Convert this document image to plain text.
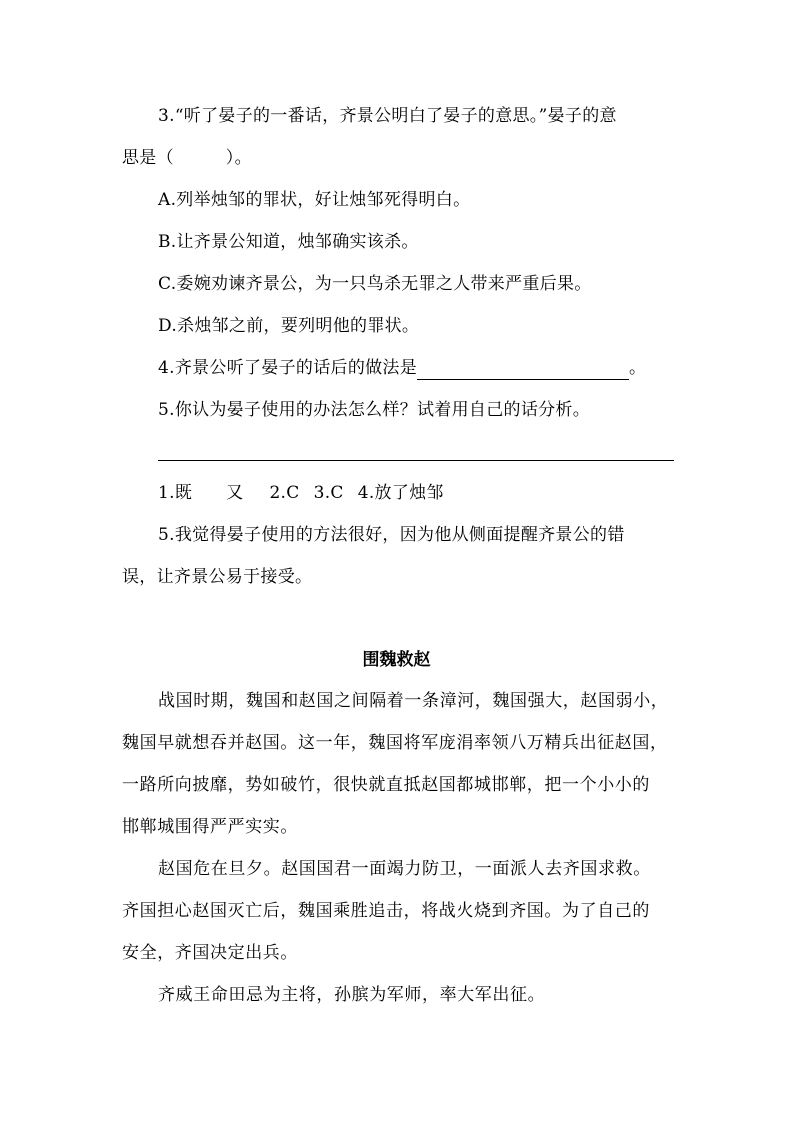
3.“听了晏子的一番话，齐景公明白了晏子的意思。”晏子的意
思是（　　　）。
A.列举烛邹的罪状，好让烛邹死得明白。
B.让齐景公知道，烛邹确实该杀。
C.委婉劝谏齐景公，为一只鸟杀无罪之人带来严重后果。
D.杀烛邹之前，要列明他的罪状。
4.齐景公听了晏子的话后的做法是	。
5.你认为晏子使用的办法怎么样？试着用自己的话分析。
1.既 又 2.C 3.C 4.放了烛邹
5.我觉得晏子使用的方法很好，因为他从侧面提醒齐景公的错
误，让齐景公易于接受。
围魏救赵
战国时期，魏国和赵国之间隔着一条漳河，魏国强大，赵国弱小，
魏国早就想吞并赵国。这一年，魏国将军庞涓率领八万精兵出征赵国，
一路所向披靡，势如破竹，很快就直抵赵国都城邯郸，把一个小小的
邯郸城围得严严实实。
赵国危在旦夕。赵国国君一面竭力防卫，一面派人去齐国求救。
齐国担心赵国灭亡后，魏国乘胜追击，将战火烧到齐国。为了自己的
安全，齐国决定出兵。
齐威王命田忌为主将，孙膑为军师，率大军出征。
